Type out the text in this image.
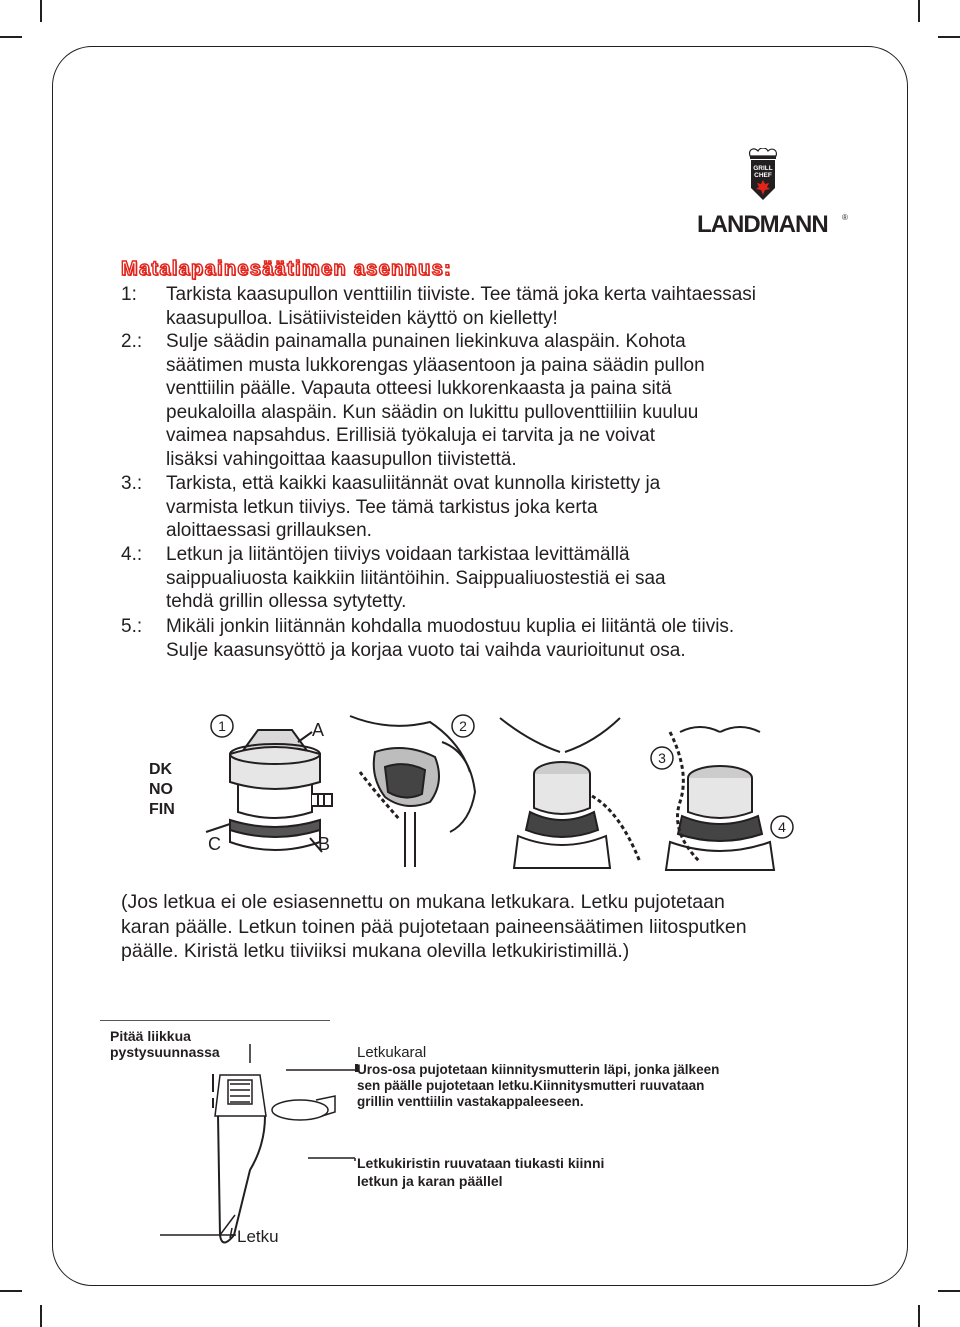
GRILL
CHEF
LANDMANN ®
Matalapainesäätimen asennus:
1: Tarkista kaasupullon venttiilin tiiviste. Tee tämä joka kerta vaihtaessasi
kaasupulloa. Lisätiivisteiden käyttö on kielletty!
2.: Sulje säädin painamalla punainen liekinkuva alaspäin. Kohota
säätimen musta lukkorengas yläasentoon ja paina säädin pullon
venttiilin päälle. Vapauta otteesi lukkorenkaasta ja paina sitä
peukaloilla alaspäin. Kun säädin on lukittu pulloventtiiliin kuuluu
vaimea napsahdus. Erillisiä työkaluja ei tarvita ja ne voivat
lisäksi vahingoittaa kaasupullon tiivistettä.
3.: Tarkista, että kaikki kaasuliitännät ovat kunnolla kiristetty ja
varmista letkun tiiviys. Tee tämä tarkistus joka kerta
aloittaessasi grillauksen.
4.: Letkun ja liitäntöjen tiiviys voidaan tarkistaa levittämällä
saippualiuosta kaikkiin liitäntöihin. Saippualiuostestiä ei saa
tehdä grillin ollessa sytytetty.
5.: Mikäli jonkin liitännän kohdalla muodostuu kuplia ei liitäntä ole tiivis.
Sulje kaasunsyöttö ja korjaa vuoto tai vaihda vaurioitunut osa.
DK
NO
FIN
1	2
3
4
A
B
C
(Jos letkua ei ole esiasennettu on mukana letkukara. Letku pujotetaan
karan päälle. Letkun toinen pää pujotetaan paineensäätimen liitosputken
päälle. Kiristä letku tiiviiksi mukana olevilla letkukiristimillä.)
Pitää liikkua
pystysuunnassa	Letkukaral
Uros-osa pujotetaan kiinnitysmutterin läpi, jonka jälkeen
sen päälle pujotetaan letku.Kiinnitysmutteri ruuvataan
grillin venttiilin vastakappaleeseen.
Letkukiristin ruuvataan tiukasti kiinni
letkun ja karan päällel
Letku
